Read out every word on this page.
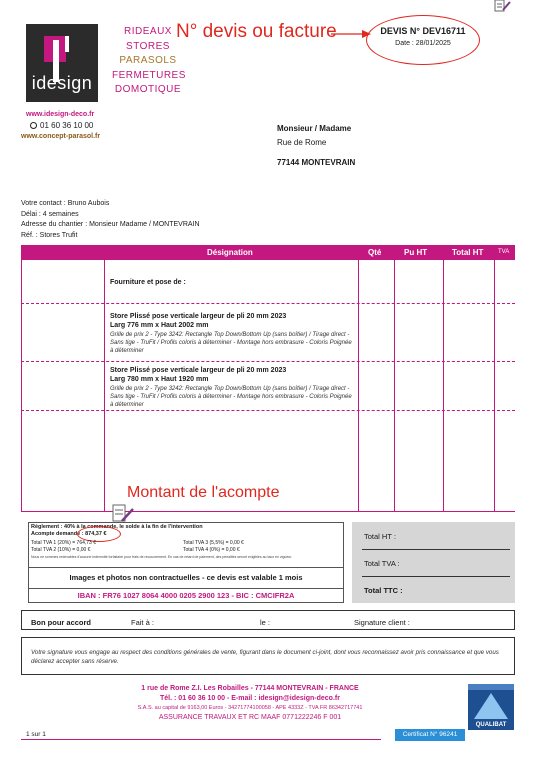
idesign
www.idesign-deco.fr
01 60 36 10 00
www.concept-parasol.fr
RIDEAUX
STORES
PARASOLS
FERMETURES
DOMOTIQUE
N° devis ou facture	DEVIS N° DEV16711
Date : 28/01/2025
Monsieur / Madame
Rue de Rome
77144 MONTEVRAIN
Votre contact : Bruno Aubois
Délai : 4 semaines
Adresse du chantier : Monsieur Madame / MONTEVRAIN
Réf. : Stores Trufit
Désignation	Qté	Pu HT	Total HT TVA
Fourniture et pose de :
Store Plissé pose verticale largeur de pli 20 mm 2023
Larg 776 mm x Haut 2002 mm
Grille de prix 2 - Type 3242: Rectangle Top Down/Bottom Up (sans boîtier) / Tirage direct - Sans tige - TruFit / Profils coloris à déterminer - Montage hors embrasure - Coloris Poignée à déterminer
Store Plissé pose verticale largeur de pli 20 mm 2023
Larg 780 mm x Haut 1920 mm
Grille de prix 2 - Type 3242: Rectangle Top Down/Bottom Up (sans boîtier) / Tirage direct - Sans tige - TruFit / Profils coloris à déterminer - Montage hors embrasure - Coloris Poignée à déterminer
Montant de l'acompte
Règlement : 40% à la commande, le solde à la fin de l'intervention
Acompte demandé : 874,37 €
Total TVA 1 (20%) = 764,73 €
Total TVA 2 (10%) = 0,00 €
Total TVA 3 (5,5%) = 0,00 €
Total TVA 4 (0%) = 0,00 €
Nous ne sommes redevables d'aucune indemnité forfaitaire pour frais de recouvrement. En cas de retard de paiement, des pénalités seront exigibles au taux en vigueur.
Images et photos non contractuelles - ce devis est valable 1 mois
IBAN : FR76 1027 8064 4000 0205 2900 123 - BIC : CMCIFR2A
Total HT :
Total TVA :
Total TTC :
Bon pour accord	Fait à :	le :	Signature client :
Votre signature vous engage au respect des conditions générales de vente, figurant dans le document ci-joint, dont vous reconnaissez avoir pris connaissance et que vous déclarez accepter sans réserve.
1 rue de Rome Z.I. Les Robailles - 77144 MONTEVRAIN - FRANCE
Tél. : 01 60 36 10 00 - E-mail : idesign@idesign-deco.fr
S.A.S. au capital de 9163,00 Euros - 34271774100058 - APE 4333Z - TVA FR 86342717741
ASSURANCE TRAVAUX ET RC MAAF 0771222246 F 001
QUALIBAT
Certificat N° 96241
1 sur 1
